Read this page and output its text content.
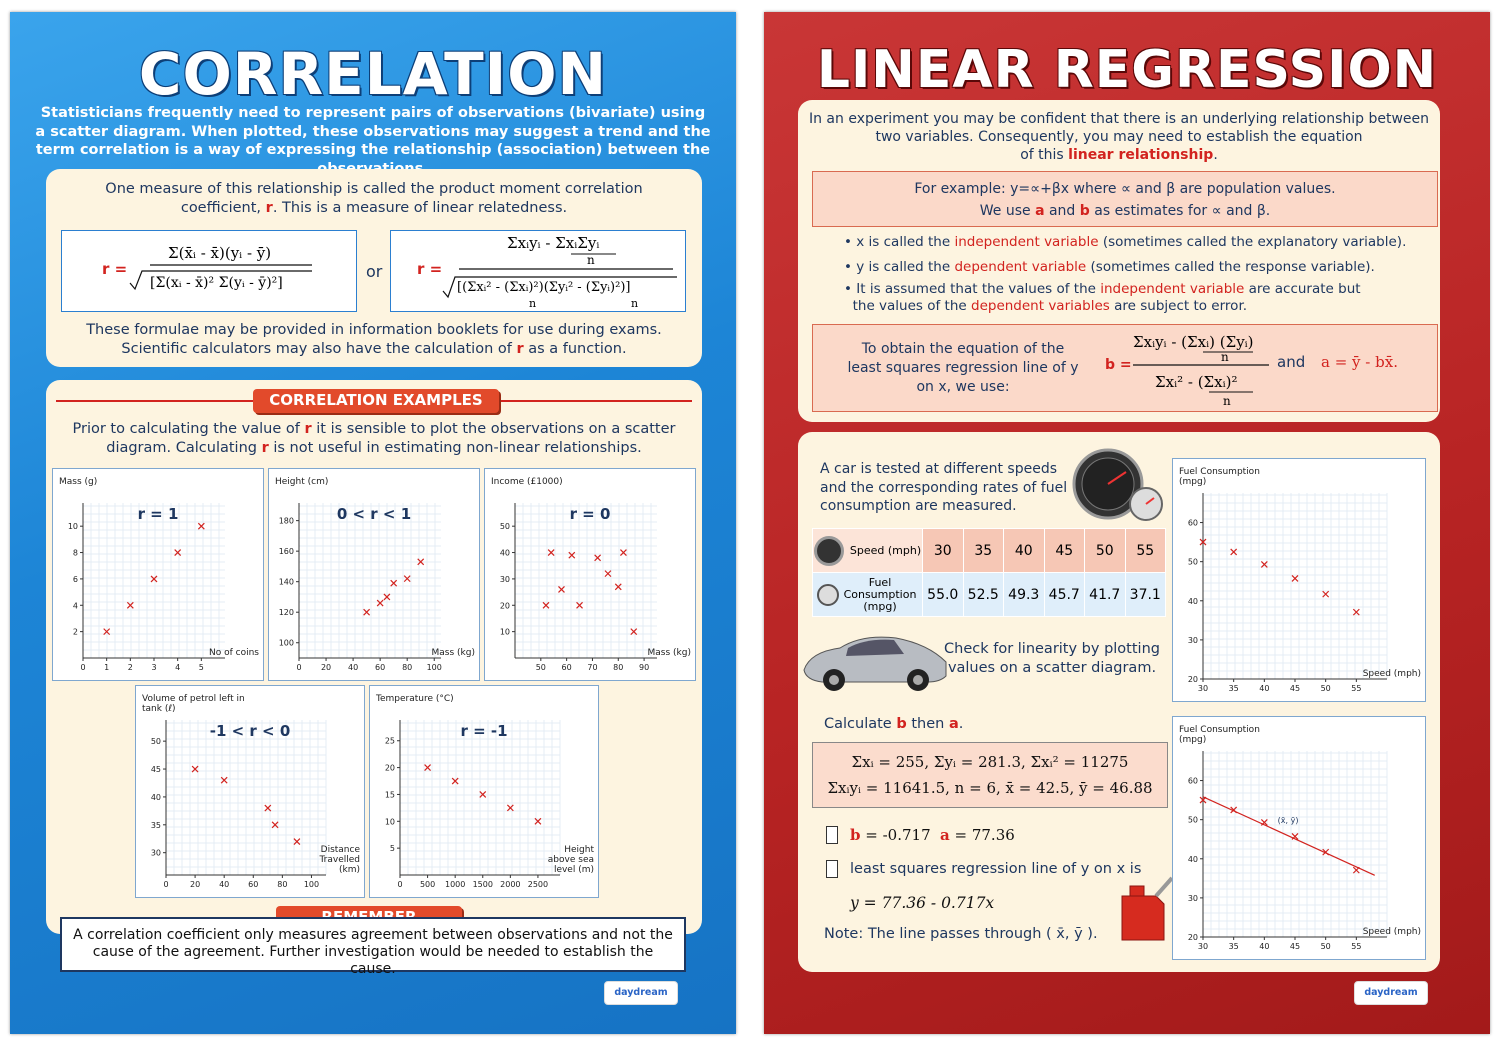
CORRELATION
Statisticians frequently need to represent pairs of observations (bivariate) using a scatter diagram. When plotted, these observations may suggest a trend and the term correlation is a way of expressing the relationship (association) between the
One measure of this relationship is called the product moment correlation
coefficient, r. This is a measure of linear relatedness.
r =
Σ(x̄ᵢ - x̄)(yᵢ - ȳ)
[Σ(xᵢ - x̄)² Σ(yᵢ - ȳ)²]
or r =
Σxᵢyᵢ - ΣxᵢΣyᵢ
n
[(Σxᵢ² - (Σxᵢ)²)(Σyᵢ² - (Σyᵢ)²)]
n	n
These formulae may be provided in information booklets for use during exams.
Scientific calculators may also have the calculation of r as a function.
CORRELATION EXAMPLES
Prior to calculating the value of r it is sensible to plot the observations on a scatter
diagram. Calculating r is not useful in estimating non-linear relationships.
0 1 2 3 4 5
2
4
6
8
10
Mass (g)
No of coins
r = 1
0 20 40 60 80 100
100
120
140
160
180
Height (cm)
Mass (kg)
0 < r < 1
50 60 70 80 90
10
20
30
40
50
Income (£1000)
Mass (kg)
r = 0
0	20 40 60 80 100
30
35
40
45
50
Volume of petrol left in tank (ℓ)
Distance Travelled (km)
-1 < r < 0
0 500 1000 1500 2000 2500
5
10
15
20
25
Temperature (°C)
Height above sea level (m)
r = -1
A correlation coefficient only measures agreement between observations and not the cause of the agreement. Further investigation would be needed to establish the cause.
daydream
LINEAR REGRESSION
In an experiment you may be confident that there is an underlying relationship between
two variables. Consequently, you may need to establish the equation
of this linear relationship.
For example: y=∝+βx where ∝ and β are population values.
We use a and b as estimates for ∝ and β.
• x is called the independent variable (sometimes called the explanatory variable).
• y is called the dependent variable (sometimes called the response variable).
• It is assumed that the values of the independent variable are accurate but
the values of the dependent variables are subject to error.
To obtain the equation of the least squares regression line of y on x, we use:
b =
Σxᵢyᵢ - (Σxᵢ) (Σyᵢ)
n
Σxᵢ² - (Σxᵢ)²
n
and a = ȳ - bx̄.
A car is tested at different speeds and the corresponding rates of fuel consumption are measured.
Speed (mph)	30	35	40	45	50	55
Fuel Consumption (mpg)	55.0	52.5	49.3	45.7	41.7	37.1
Check for linearity by plotting values on a scatter diagram.
Calculate b then a.
Σxᵢ = 255, Σyᵢ = 281.3, Σxᵢ² = 11275
Σxᵢyᵢ = 11641.5, n = 6, x̄ = 42.5, ȳ = 46.88
b = -0.717 a = 77.36
least squares regression line of y on x is
y = 77.36 - 0.717x
Note: The line passes through ( x̄, ȳ ).
30	35	40	45	50	55
20
30
40
50
60
Fuel Consumption (mpg)
Speed (mph)
30	35	40	45	50	55
20
30
40
50
60
Fuel Consumption (mpg)
Speed (mph)
(x̄, ȳ)
daydream
